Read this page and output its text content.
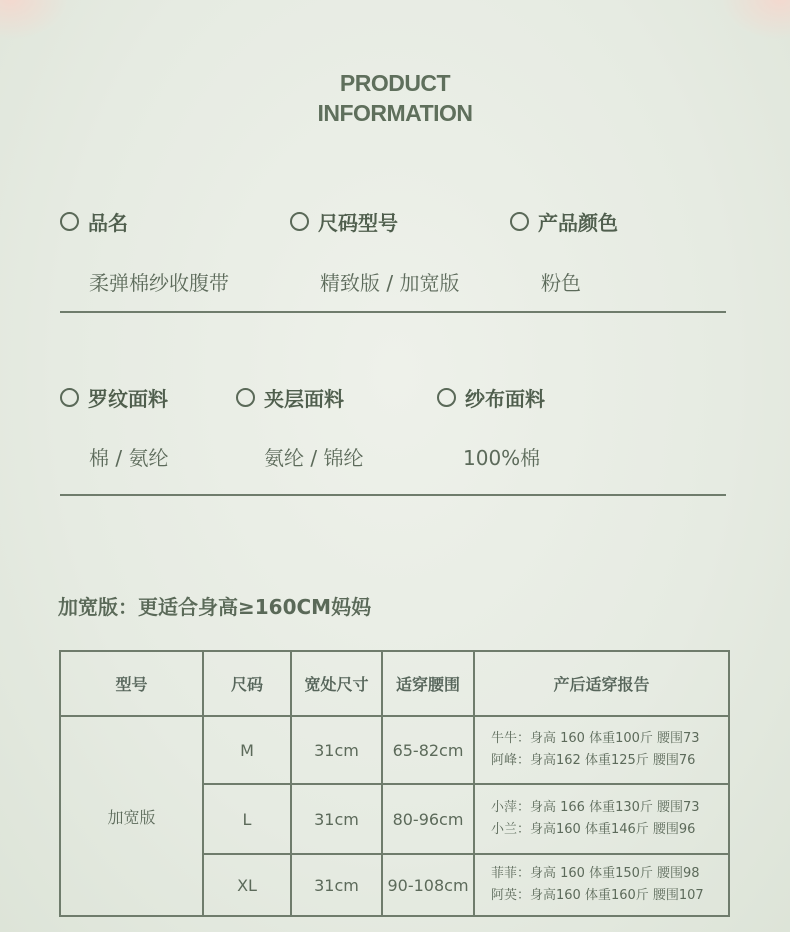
PRODUCT
INFORMATION
品名	尺码型号	产品颜色
柔弹棉纱收腹带	精致版 / 加宽版	粉色
罗纹面料	夹层面料	纱布面料
棉 / 氨纶	氨纶 / 锦纶	100%棉
加宽版：更适合身高≥160CM妈妈
型号	尺码	宽处尺寸	适穿腰围	产后适穿报告
加宽版	M	31cm	65-82cm	牛牛：身高 160 体重100斤 腰围73
阿峰：身高162 体重125斤 腰围76

	L	31cm	80-96cm	小萍：身高 166 体重130斤 腰围73
小兰：身高160 体重146斤 腰围96

	XL	31cm	90-108cm	菲菲：身高 160 体重150斤 腰围98
阿英：身高160 体重160斤 腰围107
